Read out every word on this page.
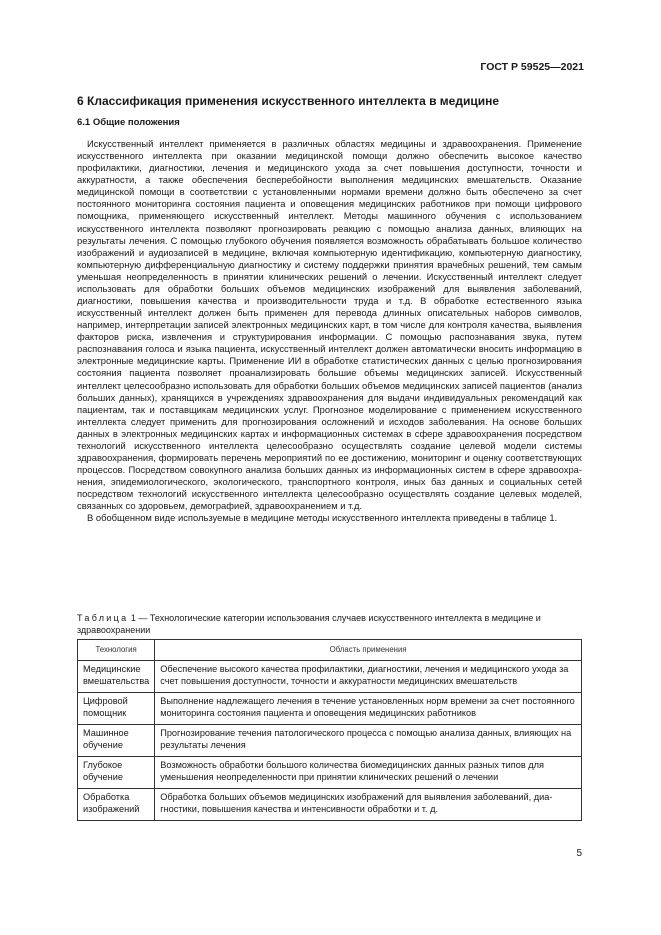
ГОСТ Р 59525—2021
6 Классификация применения искусственного интеллекта в медицине
6.1 Общие положения

Искусственный интеллект применяется в различных областях медицины и здравоохранения. Применение искусственного интеллекта при оказании медицинской помощи должно обеспечить высокое качество профилактики, диагностики, лечения и медицинского ухода за счет повышения доступности, точности и аккуратности, а также обеспечения бесперебойности выполнения медицинских вмешательств. Оказание медицинской помощи в соответствии с установленными нормами времени должно быть обеспечено за счет постоянного мониторинга состояния пациента и оповещения медицинских работников при помощи цифрового помощника, применяющего искусственный интеллект. Методы машинного обучения с использованием искусственного интеллекта позволяют прогнозировать реакцию с помощью анализа данных, влияющих на результаты лечения. С помощью глубокого обучения появляется возможность обрабатывать большое количество изображений и аудиозаписей в медицине, включая компьютерную идентификацию, компьютерную диагностику, компьютерную дифференциальную диагностику и систему поддержки принятия врачебных решений, тем самым уменьшая неопределенность в принятии клинических решений о лечении. Искусственный интеллект следует использовать для обработки больших объемов медицинских изображений для выявления заболеваний, диагностики, повышения качества и производительности труда и т.д. В обработке естественного языка искусственный интеллект должен быть применен для перевода длинных описательных наборов символов, например, интерпретации записей электронных медицинских карт, в том числе для контроля качества, выявления факторов риска, извлечения и структурирования информации. С помощью распознавания звука, путем распознавания голоса и языка пациента, искусственный интеллект должен автоматически вносить информацию в электронные медицинские карты. Применение ИИ в обработке статистических данных с целью прогнозирования состояния пациента позволяет проанализировать большие объемы медицинских записей. Искусственный интеллект целесообразно использовать для обработки больших объемов медицинских записей пациентов (анализ больших данных), хранящихся в учреждениях здравоохранения для выдачи индивидуальных рекомендаций как пациентам, так и поставщикам медицинских услуг. Прогнозное моделирование с применением искусственного интеллекта следует применить для прогнозирования осложнений и исходов заболевания. На основе больших данных в электронных медицинских картах и информационных системах в сфере здравоохранения посредством технологий искусственного интеллекта целесообразно осуществлять создание целевой модели системы здравоохранения, формировать перечень мероприятий по ее достижению, мониторинг и оценку соответствующих процессов. Посредством совокупного анализа больших данных из информационных систем в сфере здравоохранения, эпидемиологического, экологического, транспортного контроля, иных баз данных и социальных сетей посредством технологий искусственного интеллекта целесообразно осуществлять создание целевых моделей, связанных со здоровьем, демографией, здравоохранением и т.д.

В обобщенном виде используемые в медицине методы искусственного интеллекта приведены в таблице 1.

Таблица 1 — Технологические категории использования случаев искусственного интеллекта в медицине и здравоохранении
Технология	Область применения
Медицинские вмешательства	Обеспечение высокого качества профилактики, диагностики, лечения и медицинского ухода за счет повышения доступности, точности и аккуратности медицинских вмешательств
Цифровой помощник	Выполнение надлежащего лечения в течение установленных норм времени за счет постоянного мониторинга состояния пациента и оповещения медицинских работников
Машинное обучение	Прогнозирование течения патологического процесса с помощью анализа данных, влияющих на результаты лечения
Глубокое обучение	Возможность обработки большого количества биомедицинских данных разных типов для уменьшения неопределенности при принятии клинических решений о лечении
Обработка изображений	Обработка больших объемов медицинских изображений для выявления заболеваний, диагностики, повышения качества и интенсивности обработки и т. д.
5
